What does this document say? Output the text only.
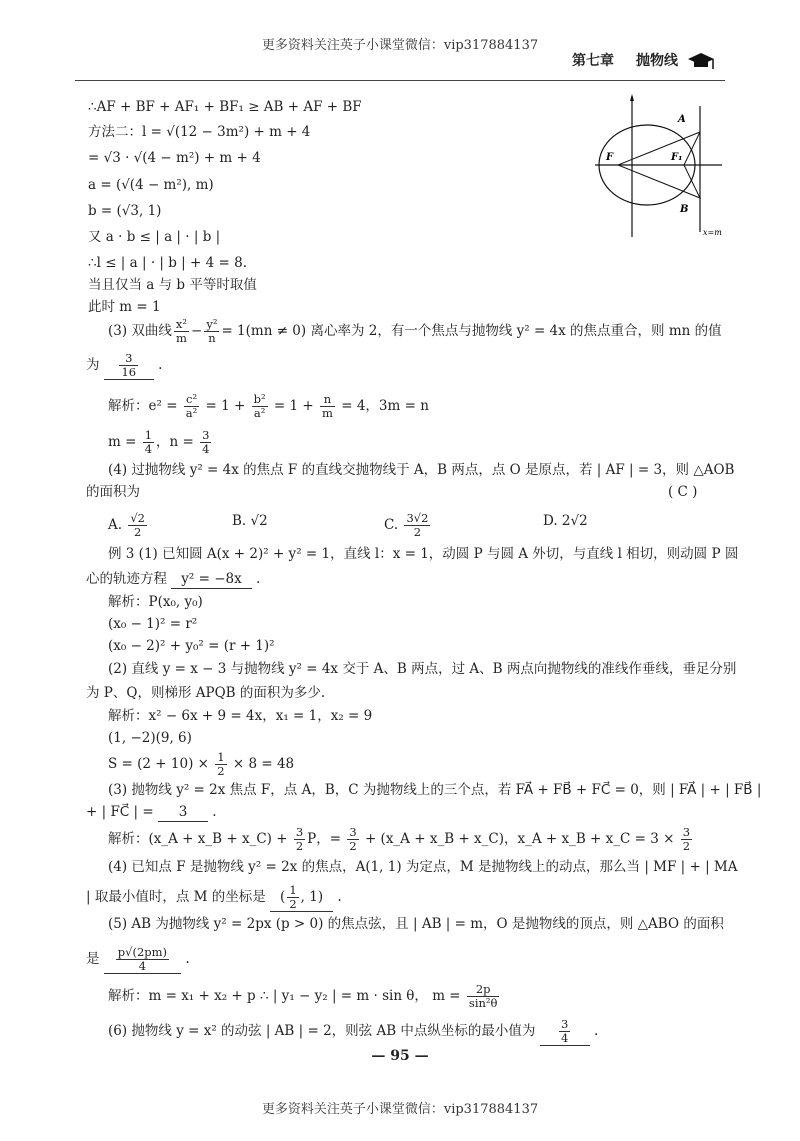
更多资料关注英子小课堂微信：vip317884137
第七章 抛物线
A
B
F	F₁
x=m
∴AF + BF + AF₁ + BF₁ ≥ AB + AF + BF
方法二：l = √(12 − 3m²) + m + 4
= √3 · √(4 − m²) + m + 4
a = (√(4 − m²), m)
b = (√3, 1)
又 a · b ≤ | a | · | b |
∴l ≤ | a | · | b | + 4 = 8.
当且仅当 a 与 b 平等时取值
此时 m = 1
(3) 双曲线 $\frac{\text{x²}}{m} - \frac{\text{y²}}{n} = 1(mn \ne 0)$ 离心率为 2，有一个焦点与抛物线 y² = 4x 的焦点重合，则 mn 的值
为 $\frac{3}{16}$ .
解析：$e^2 = \frac{\text{c²}}{\text{a²}} = 1 + \frac{\text{b²}}{\text{a²}} = 1 + \frac{n}{m} = 4$，3m = n
$m = \frac{1}{4}$ ，$n = \frac{3}{4}$
(4) 过抛物线 y² = 4x 的焦点 F 的直线交抛物线于 A，B 两点，点 O 是原点，若 | AF | = 3，则 △AOB
的面积为	( C )
A. $\frac{√2}{2}$	B. √2	C. $\frac{3√2}{2}$	D. 2√2
例 3 (1) 已知圆 A(x + 2)² + y² = 1，直线 l：x = 1，动圆 P 与圆 A 外切，与直线 l 相切，则动圆 P 圆
心的轨迹方程 y² = −8x .
解析：P(x₀, y₀)
(x₀ − 1)² = r²
(x₀ − 2)² + y₀² = (r + 1)²
(2) 直线 y = x − 3 与抛物线 y² = 4x 交于 A、B 两点，过 A、B 两点向抛物线的准线作垂线，垂足分别
为 P、Q，则梯形 APQB 的面积为多少.
解析：x² − 6x + 9 = 4x，x₁ = 1，x₂ = 9
(1, −2)(9, 6)
$S = (2 + 10) \times \frac{1}{2} \times 8 = 48$
(3) 抛物线 y² = 2x 焦点 F，点 A，B，C 为抛物线上的三个点，若 FA⃗ + FB⃗ + FC⃗ = 0，则 | FA⃗ | + | FB⃗ |
+ | FC⃗ | = 3 .
解析：(x_A + x_B + x_C) + $\frac{3}{2}$ P，= $\frac{3}{2}$ + (x_A + x_B + x_C)，x_A + x_B + x_C = $3 \times \frac{3}{2}$
(4) 已知点 F 是抛物线 y² = 2x 的焦点，A(1, 1) 为定点，M 是抛物线上的动点，那么当 | MF | + | MA
| 取最小值时，点 M 的坐标是 ( $\frac{1}{2}$ , 1) .
(5) AB 为抛物线 y² = 2px (p > 0) 的焦点弦，且 | AB | = m，O 是抛物线的顶点，则 △ABO 的面积
是 $\frac{p√(2pm)}{4}$ .
解析：m = x₁ + x₂ + p ∴ | y₁ − y₂ | = m · sin θ， $m = \frac{2p}{\text{sin²θ}}$
(6) 抛物线 y = x² 的动弦 | AB | = 2，则弦 AB 中点纵坐标的最小值为 $\frac{3}{4}$ .
— 95 —
更多资料关注英子小课堂微信：vip317884137
